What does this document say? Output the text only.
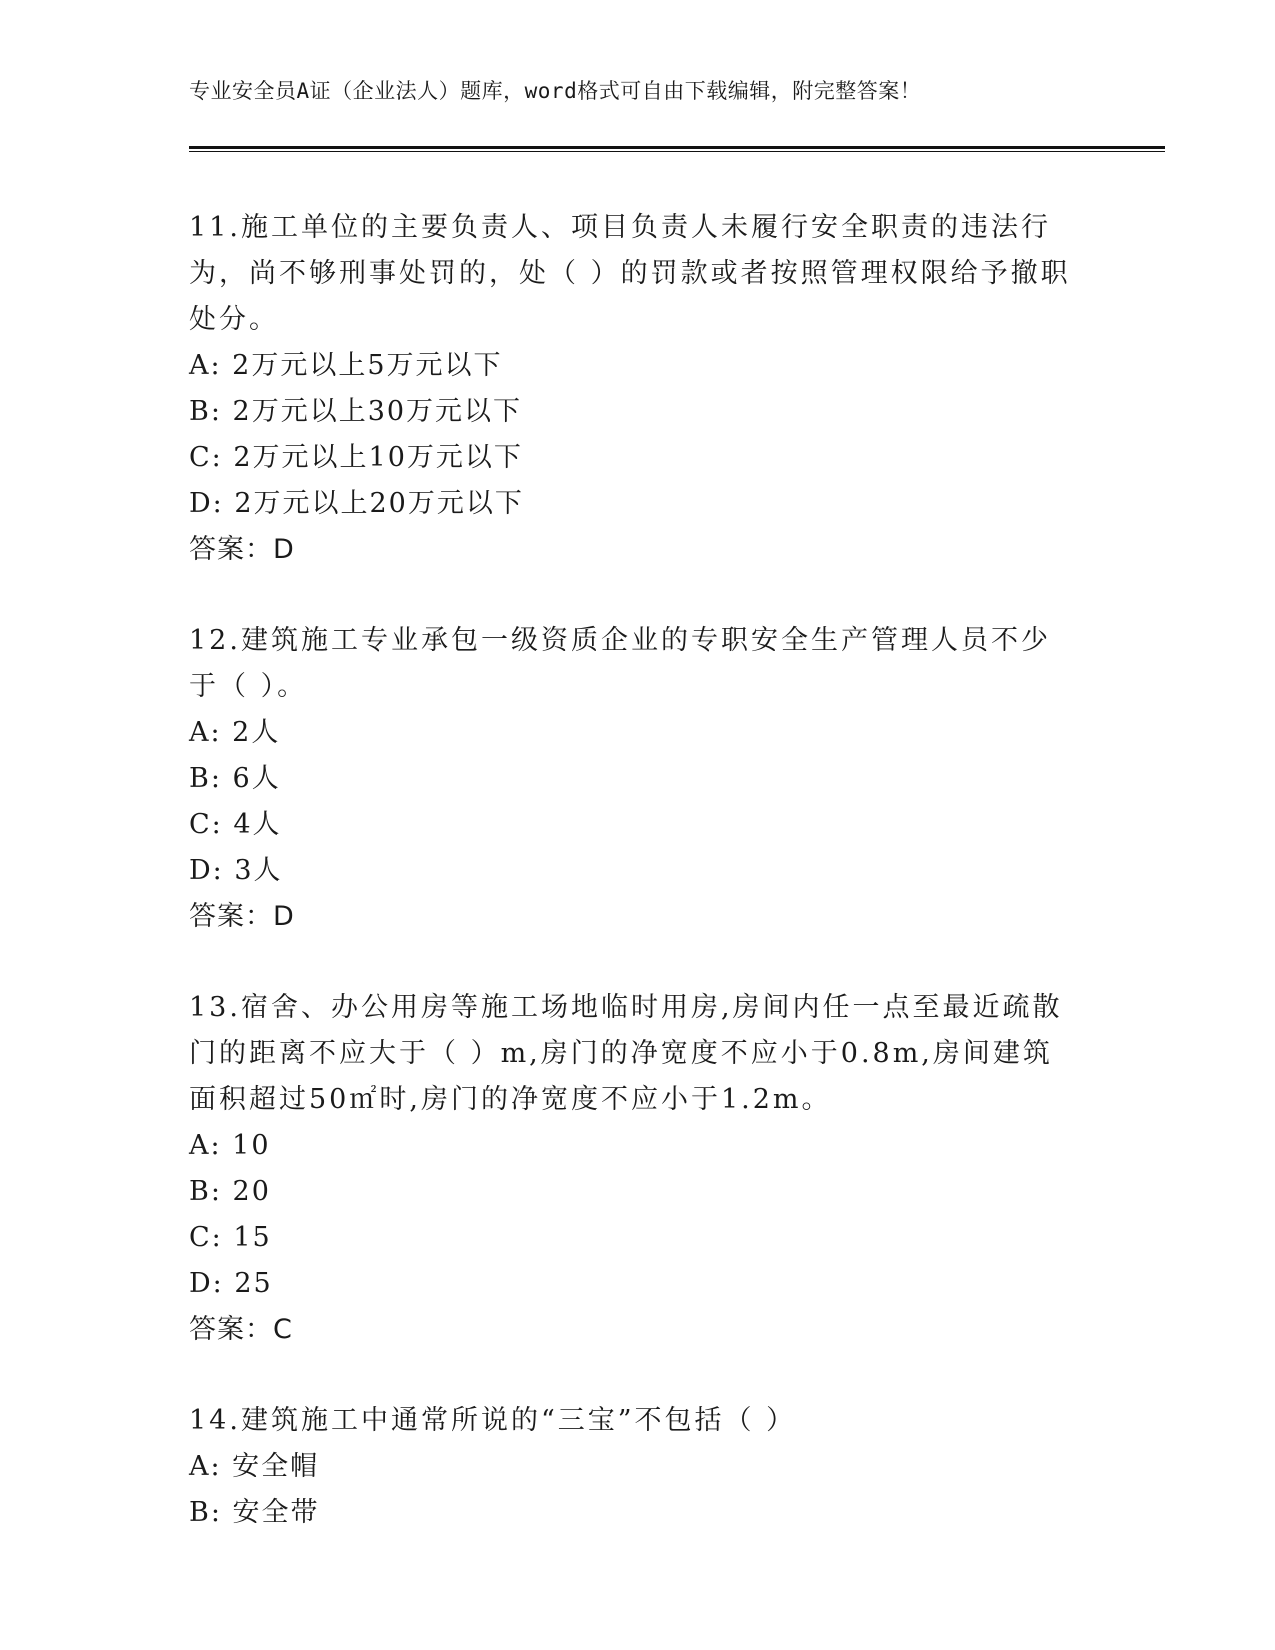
专业安全员A证（企业法人）题库，word格式可自由下载编辑，附完整答案！

11.施工单位的主要负责人、项目负责人未履行安全职责的违法行为，尚不够刑事处罚的，处（ ）的罚款或者按照管理权限给予撤职处分。

A: 2万元以上5万元以下

B: 2万元以上30万元以下

C: 2万元以上10万元以下

D: 2万元以上20万元以下

答案：D

12.建筑施工专业承包一级资质企业的专职安全生产管理人员不少于（ ）。

A: 2人

B: 6人

C: 4人

D: 3人

答案：D

13.宿舍、办公用房等施工场地临时用房,房间内任一点至最近疏散门的距离不应大于（ ）m,房门的净宽度不应小于0.8m,房间建筑面积超过50㎡时,房门的净宽度不应小于1.2m。

A: 10

B: 20

C: 15

D: 25

答案：C

14.建筑施工中通常所说的“三宝”不包括（ ）

A: 安全帽

B: 安全带
